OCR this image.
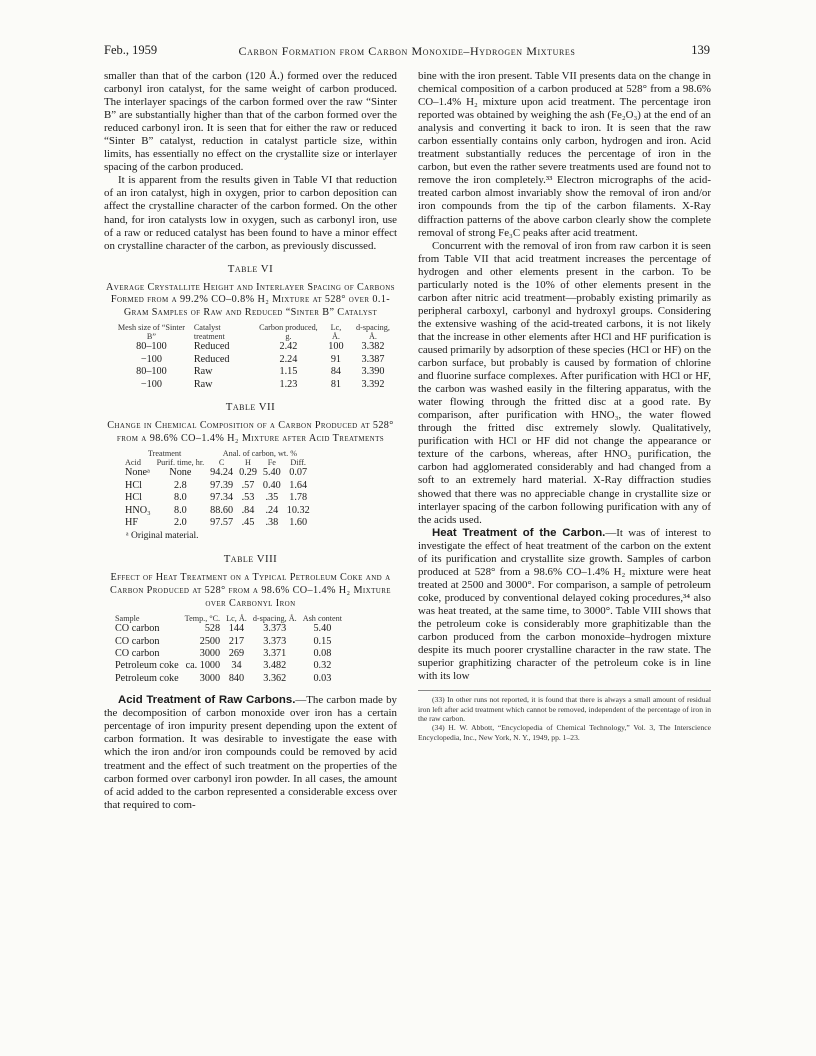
Feb., 1959	Carbon Formation from Carbon Monoxide–Hydrogen Mixtures	139

smaller than that of the carbon (120 Å.) formed over the reduced carbonyl iron catalyst, for the same weight of carbon produced. The interlayer spacings of the carbon formed over the raw “Sinter B” are substantially higher than that of the carbon formed over the reduced carbonyl iron. It is seen that for either the raw or reduced “Sinter B” catalyst, reduction in catalyst particle size, within limits, has essentially no effect on the crystallite size or interlayer spacing of the carbon produced.

It is apparent from the results given in Table VI that reduction of an iron catalyst, high in oxygen, prior to carbon deposition can affect the crystalline character of the carbon formed. On the other hand, for iron catalysts low in oxygen, such as carbonyl iron, use of a raw or reduced catalyst has been found to have a minor effect on crystalline character of the carbon, as previously discussed.

Table VI
Average Crystallite Height and Interlayer Spacing of Carbons Formed from a 99.2% CO–0.8% H₂ Mixture at 528° over 0.1-Gram Samples of Raw and Reduced “Sinter B” Catalyst
Mesh size of “Sinter B”	Catalyst treatment	Carbon produced, g.	Lc, Å.	d-spacing, Å.
80–100	Reduced	2.42	100	3.382
−100	Reduced	2.24	91	3.387
80–100	Raw	1.15	84	3.390
−100	Raw	1.23	81	3.392
Table VII
Change in Chemical Composition of a Carbon Produced at 528° from a 98.6% CO–1.4% H₂ Mixture after Acid Treatments
Treatment		Anal. of carbon, wt. %			
Acid	Purif. time, hr.	C	H	Fe	Diff.
Noneᵃ	None	94.24	0.29	5.40	0.07
HCl	2.8	97.39	.57	0.40	1.64
HCl	8.0	97.34	.53	.35	1.78
HNO₃	8.0	88.60	.84	.24	10.32
HF	2.0	97.57	.45	.38	1.60
ᵃ Original material.
Table VIII
Effect of Heat Treatment on a Typical Petroleum Coke and a Carbon Produced at 528° from a 98.6% CO–1.4% H₂ Mixture over Carbonyl Iron
Sample	Temp., °C.	Lc, Å.	d-spacing, Å.	Ash content
CO carbon	528	144	3.373	5.40
CO carbon	2500	217	3.373	0.15
CO carbon	3000	269	3.371	0.08
Petroleum coke	ca. 1000	34	3.482	0.32
Petroleum coke	3000	840	3.362	0.03

Acid Treatment of Raw Carbons.—The carbon made by the decomposition of carbon monoxide over iron has a certain percentage of iron impurity present depending upon the extent of carbon formation. It was desirable to investigate the ease with which the iron and/or iron compounds could be removed by acid treatment and the effect of such treatment on the properties of the carbon formed over carbonyl iron powder. In all cases, the amount of acid added to the carbon represented a considerable excess over that required to com-

bine with the iron present. Table VII presents data on the change in chemical composition of a carbon produced at 528° from a 98.6% CO–1.4% H₂ mixture upon acid treatment. The percentage iron reported was obtained by weighing the ash (Fe₂O₃) at the end of an analysis and converting it back to iron. It is seen that the raw carbon essentially contains only carbon, hydrogen and iron. Acid treatment substantially reduces the percentage of iron in the carbon, but even the rather severe treatments used are found not to remove the iron completely.³³ Electron micrographs of the acid-treated carbon almost invariably show the removal of iron and/or iron compounds from the tip of the carbon filaments. X-Ray diffraction patterns of the above carbon clearly show the complete removal of strong Fe₃C peaks after acid treatment.

Concurrent with the removal of iron from raw carbon it is seen from Table VII that acid treatment increases the percentage of hydrogen and other elements present in the carbon. To be particularly noted is the 10% of other elements present in the carbon after nitric acid treatment—probably existing primarily as peripheral carboxyl, carbonyl and hydroxyl groups. Considering the extensive washing of the acid-treated carbons, it is not likely that the increase in other elements after HCl and HF purification is caused primarily by adsorption of these species (HCl or HF) on the carbon surface, but probably is caused by formation of chlorine and fluorine surface complexes. After purification with HCl or HF, the carbon was washed easily in the filtering apparatus, with the water flowing through the fritted disc at a good rate. By comparison, after purification with HNO₃, the water flowed through the fritted disc extremely slowly. Qualitatively, purification with HCl or HF did not change the appearance or texture of the carbons, whereas, after HNO₃ purification, the carbon had agglomerated considerably and had changed from a soft to an extremely hard material. X-Ray diffraction studies showed that there was no appreciable change in crystallite size or interlayer spacing of the carbon following purification with any of the acids used.

Heat Treatment of the Carbon.—It was of interest to investigate the effect of heat treatment of the carbon on the extent of its purification and crystallite size growth. Samples of carbon produced at 528° from a 98.6% CO–1.4% H₂ mixture were heat treated at 2500 and 3000°. For comparison, a sample of petroleum coke, produced by conventional delayed coking procedures,³⁴ also was heat treated, at the same time, to 3000°. Table VIII shows that the petroleum coke is considerably more graphitizable than the carbon produced from the carbon monoxide–hydrogen mixture despite its much poorer crystalline character in the raw state. The superior graphitizing character of the petroleum coke is in line with its low

(33) In other runs not reported, it is found that there is always a small amount of residual iron left after acid treatment which cannot be removed, independent of the percentage of iron in the raw carbon.

(34) H. W. Abbott, “Encyclopedia of Chemical Technology,” Vol. 3, The Interscience Encyclopedia, Inc., New York, N. Y., 1949, pp. 1–23.
